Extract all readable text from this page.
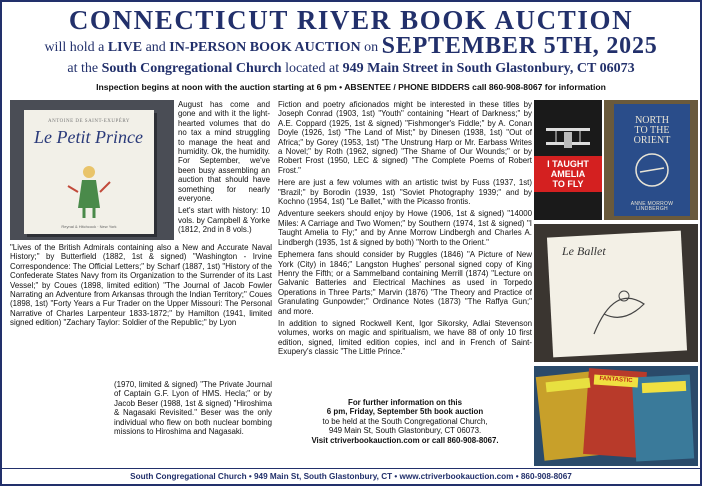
CONNECTICUT RIVER BOOK AUCTION
will hold a LIVE and IN-PERSON BOOK AUCTION on SEPTEMBER 5TH, 2025
at the South Congregational Church located at 949 Main Street in South Glastonbury, CT 06073
Inspection begins at noon with the auction starting at 6 pm • ABSENTEE / PHONE BIDDERS call 860-908-8067 for information
ANTOINE DE SAINT-EXUPÉRY
Le Petit Prince
Reynal & Hitchcock · New York
I TAUGHT
AMELIA
TO FLY
NORTH
TO THE
ORIENT
ANNE MORROW LINDBERGH
Le Ballet
FANTASTIC

August has come and gone and with it the light-hearted volumes that do no tax a mind struggling to manage the heat and humidity. Ok, the humidity. For September, we've been busy assembling an auction that should have something for nearly everyone.

Let's start with history: 10 vols. by Campbell & Yorke (1812, 2nd in 8 vols.)

"Lives of the British Admirals containing also a New and Accurate Naval History;" by Butterfield (1882, 1st & signed) "Washington - Irvine Correspondence: The Official Letters;" by Scharf (1887, 1st) "History of the Confederate States Navy from its Organization to the Surrender of its Last Vessel;" by Coues (1898, limited edition) "The Journal of Jacob Fowler Narrating an Adventure from Arkansas through the Indian Territory;" Coues (1898, 1st) "Forty Years a Fur Trader on the Upper Missouri: The Personal Narrative of Charles Larpenteur 1833-1872;" by Hamilton (1941, limited signed edition) "Zachary Taylor: Soldier of the Republic;" by Lyon

(1970, limited & signed) "The Private Journal of Captain G.F. Lyon of HMS. Hecla;" or by Jacob Beser (1988, 1st & signed) "Hiroshima & Nagasaki Revisited." Beser was the only individual who flew on both nuclear bombing missions to Hiroshima and Nagasaki.

Fiction and poetry aficionados might be interested in these titles by Joseph Conrad (1903, 1st) "Youth" containing "Heart of Darkness;" by A.E. Coppard (1925, 1st & signed) "Fishmonger's Fiddle;" by A. Conan Doyle (1926, 1st) "The Land of Mist;" by Dinesen (1938, 1st) "Out of Africa;" by Gorey (1953, 1st) "The Unstrung Harp or Mr. Earbass Writes a Novel;" by Roth (1962, signed) "The Shame of Our Wounds;" or by Robert Frost (1950, LEC & signed) "The Complete Poems of Robert Frost."

Here are just a few volumes with an artistic twist by Fuss (1937, 1st) "Brazil;" by Borodin (1939, 1st) "Soviet Photography 1939;" and by Kochno (1954, 1st) "Le Ballet," with the Picasso frontis.

Adventure seekers should enjoy by Howe (1906, 1st & signed) "14000 Miles: A Carriage and Two Women;" by Southern (1974, 1st & signed) "I Taught Amelia to Fly;" and by Anne Morrow Lindbergh and Charles A. Lindbergh (1935, 1st & signed by both) "North to the Orient."

Ephemera fans should consider by Ruggles (1846) "A Picture of New York (City) in 1846;" Langston Hughes' personal signed copy of King Henry the Fifth; or a Sammelband containing Merrill (1874) "Lecture on Galvanic Batteries and Electrical Machines as used in Torpedo Operations in Three Parts;" Marvin (1876) "The Theory and Practice of Granulating Gunpowder;" Ordinance Notes (1873) "The Raffya Gun;" and more.

In addition to signed Rockwell Kent, Igor Sikorsky, Adlai Stevenson volumes, works on magic and spiritualism, we have 88 of only 10 first edition, signed, limited edition copies, incl and in French of Saint-Exupery's classic "The Little Prince."

For further information on this
6 pm, Friday, September 5th book auction
to be held at the South Congregational Church,
949 Main St, South Glastonbury, CT 06073.
Visit ctriverbookauction.com or call 860-908-8067.
South Congregational Church • 949 Main St, South Glastonbury, CT • www.ctriverbookauction.com • 860-908-8067
